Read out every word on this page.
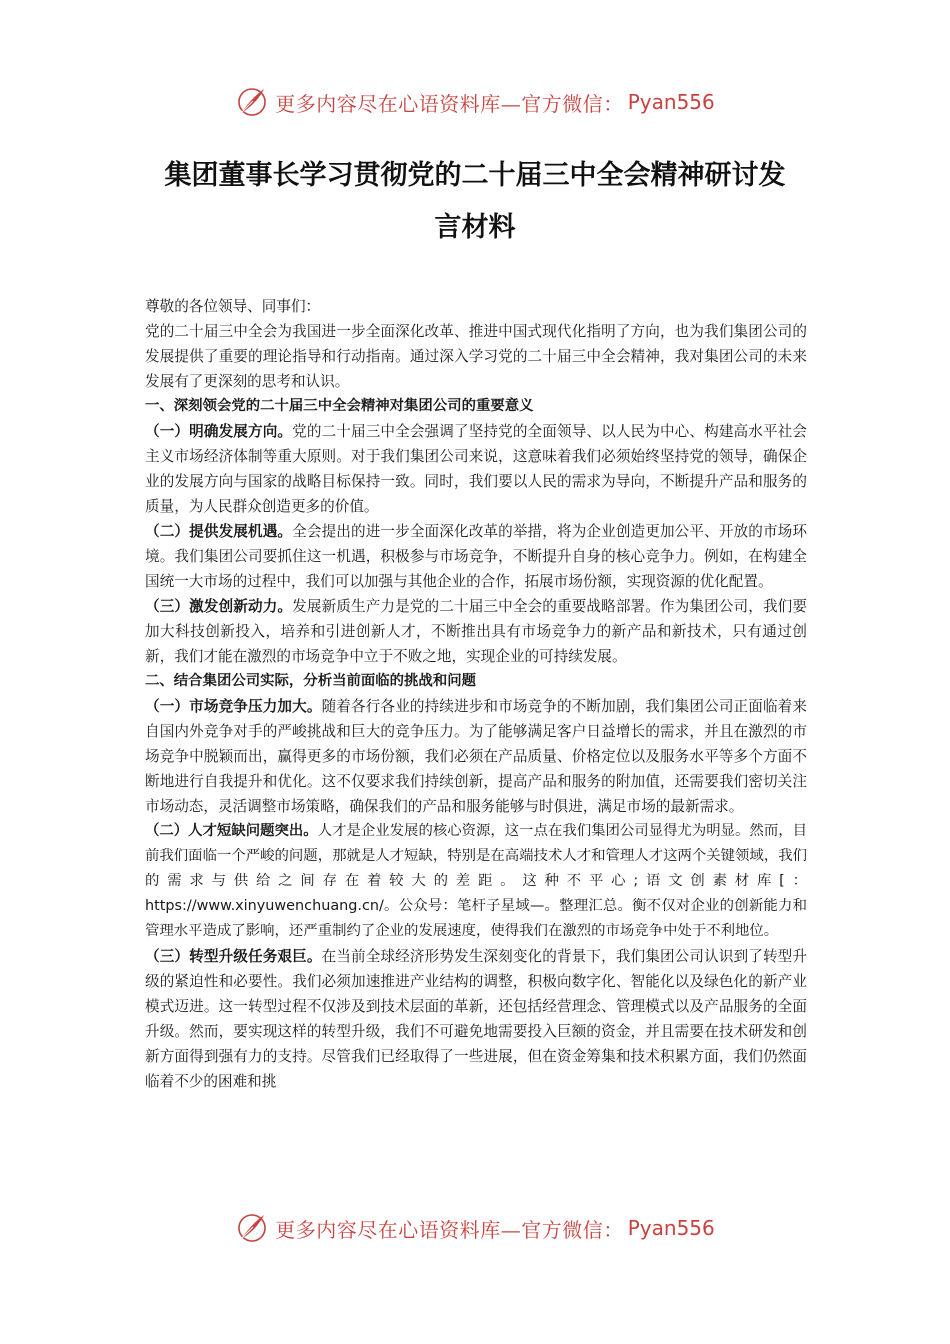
更多内容尽在心语资料库—官方微信： Pyan556
集团董事长学习贯彻党的二十届三中全会精神研讨发
言材料

尊敬的各位领导、同事们：

党的二十届三中全会为我国进一步全面深化改革、推进中国式现代化指明了方向，也为我们集团公司的发展提供了重要的理论指导和行动指南。通过深入学习党的二十届三中全会精神，我对集团公司的未来发展有了更深刻的思考和认识。

一、深刻领会党的二十届三中全会精神对集团公司的重要意义

（一）明确发展方向。党的二十届三中全会强调了坚持党的全面领导、以人民为中心、构建高水平社会主义市场经济体制等重大原则。对于我们集团公司来说，这意味着我们必须始终坚持党的领导，确保企业的发展方向与国家的战略目标保持一致。同时，我们要以人民的需求为导向，不断提升产品和服务的质量，为人民群众创造更多的价值。

（二）提供发展机遇。全会提出的进一步全面深化改革的举措，将为企业创造更加公平、开放的市场环境。我们集团公司要抓住这一机遇，积极参与市场竞争，不断提升自身的核心竞争力。例如，在构建全国统一大市场的过程中，我们可以加强与其他企业的合作，拓展市场份额，实现资源的优化配置。

（三）激发创新动力。发展新质生产力是党的二十届三中全会的重要战略部署。作为集团公司，我们要加大科技创新投入，培养和引进创新人才，不断推出具有市场竞争力的新产品和新技术，只有通过创新，我们才能在激烈的市场竞争中立于不败之地，实现企业的可持续发展。

二、结合集团公司实际，分析当前面临的挑战和问题

（一）市场竞争压力加大。随着各行各业的持续进步和市场竞争的不断加剧，我们集团公司正面临着来自国内外竞争对手的严峻挑战和巨大的竞争压力。为了能够满足客户日益增长的需求，并且在激烈的市场竞争中脱颖而出，赢得更多的市场份额，我们必须在产品质量、价格定位以及服务水平等多个方面不断地进行自我提升和优化。这不仅要求我们持续创新，提高产品和服务的附加值，还需要我们密切关注市场动态，灵活调整市场策略，确保我们的产品和服务能够与时俱进，满足市场的最新需求。

（二）人才短缺问题突出。人才是企业发展的核心资源，这一点在我们集团公司显得尤为明显。然而，目前我们面临一个严峻的问题，那就是人才短缺，特别是在高端技术人才和管理人才这两个关键领域，我们的需求与供给之间存在着较大的差距。这种不平心;语文创素材库[：https://www.xinyuwenchuang.cn/。公众号：笔杆子星域—。整理汇总。衡不仅对企业的创新能力和管理水平造成了影响，还严重制约了企业的发展速度，使得我们在激烈的市场竞争中处于不利地位。

（三）转型升级任务艰巨。在当前全球经济形势发生深刻变化的背景下，我们集团公司认识到了转型升级的紧迫性和必要性。我们必须加速推进产业结构的调整，积极向数字化、智能化以及绿色化的新产业模式迈进。这一转型过程不仅涉及到技术层面的革新，还包括经营理念、管理模式以及产品服务的全面升级。然而，要实现这样的转型升级，我们不可避免地需要投入巨额的资金，并且需要在技术研发和创新方面得到强有力的支持。尽管我们已经取得了一些进展，但在资金筹集和技术积累方面，我们仍然面临着不少的困难和挑

更多内容尽在心语资料库—官方微信： Pyan556
